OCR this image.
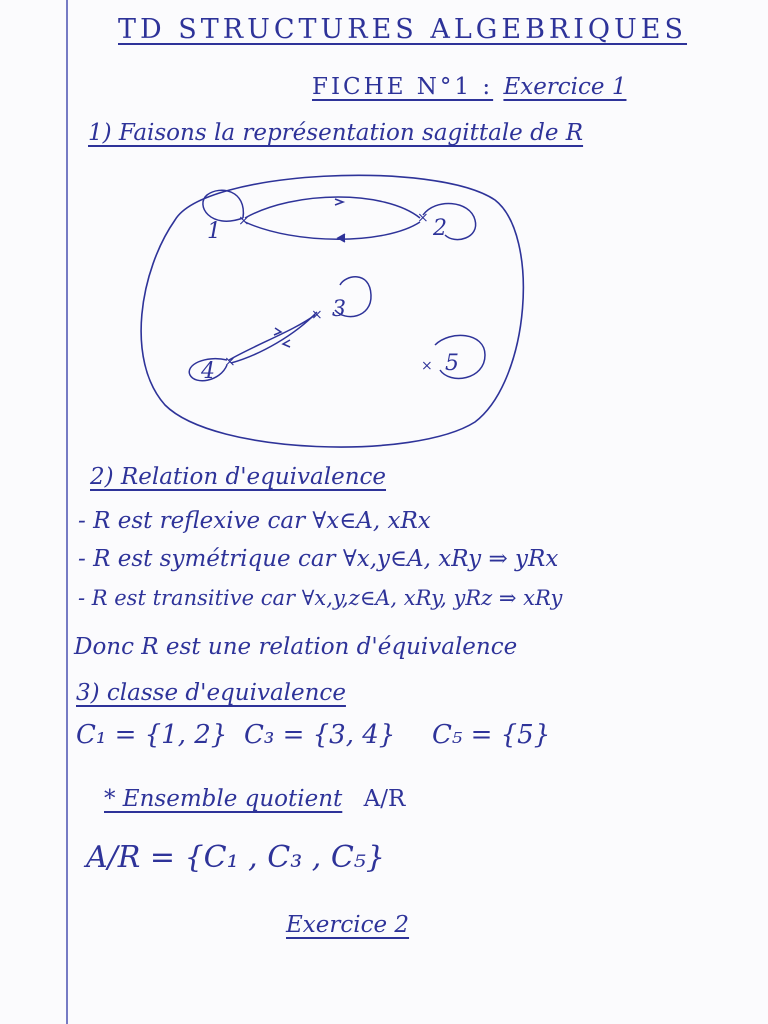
TD STRUCTURES ALGEBRIQUES
FICHE N°1 : Exercice 1
1) Faisons la représentation sagittale de R
1 ×	2
×
3
×
4 ×	5
×
2) Relation d'equivalence
- R est reflexive car ∀x∈A, xRx
- R est symétrique car ∀x,y∈A, xRy ⇒ yRx
- R est transitive car ∀x,y,z∈A, xRy, yRz ⇒ xRy
Donc R est une relation d'équivalence
3) classe d'equivalence
C₁ = {1, 2} C₃ = {3, 4} C₅ = {5}
* Ensemble quotient A/R
A/R = {C₁ , C₃ , C₅}
Exercice 2
